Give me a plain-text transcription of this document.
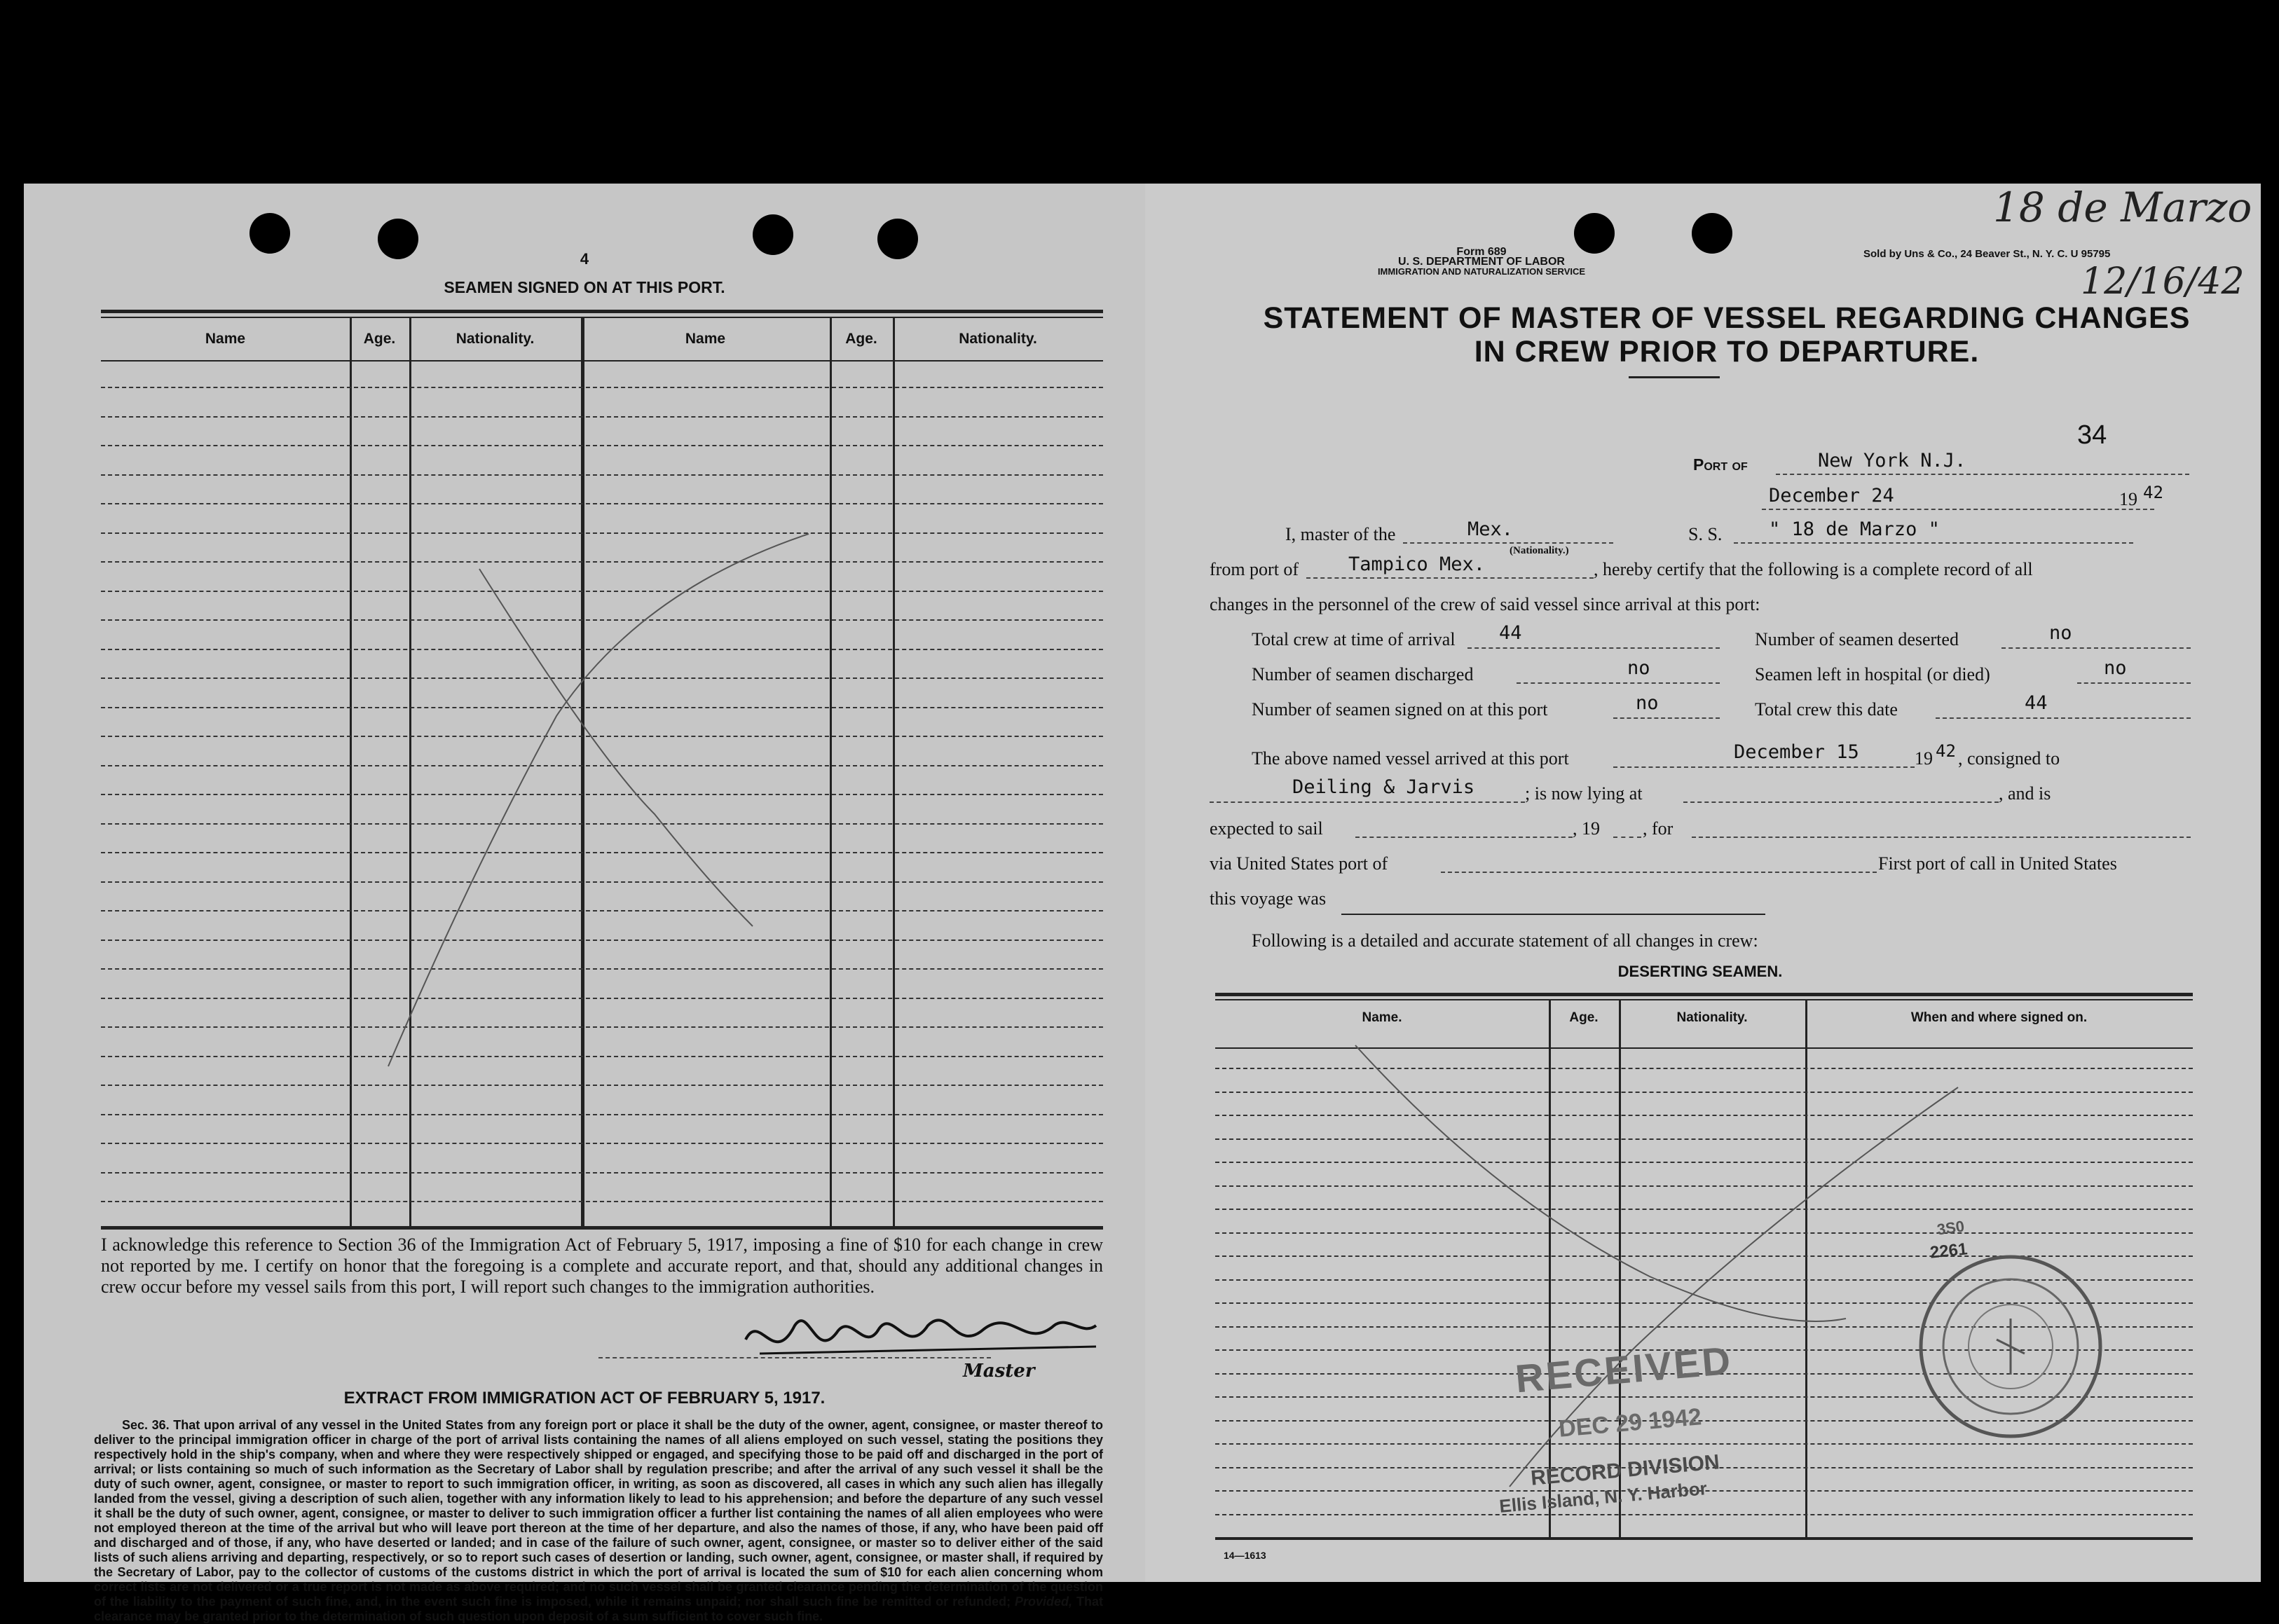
4
SEAMEN SIGNED ON AT THIS PORT.
Name	Age.	Nationality.	Name	Age.	Nationality.
I acknowledge this reference to Section 36 of the Immigration Act of February 5, 1917, imposing a fine of $10 for each change in crew not reported by me. I certify on honor that the foregoing is a complete and accurate report, and that, should any additional changes in crew occur before my vessel sails from this port, I will report such changes to the immigration authorities.
Master
EXTRACT FROM IMMIGRATION ACT OF FEBRUARY 5, 1917.
Sec. 36. That upon arrival of any vessel in the United States from any foreign port or place it shall be the duty of the owner, agent, consignee, or master thereof to deliver to the principal immigration officer in charge of the port of arrival lists containing the names of all aliens employed on such vessel, stating the positions they respectively hold in the ship's company, when and where they were respectively shipped or engaged, and specifying those to be paid off and discharged in the port of arrival; or lists containing so much of such information as the Secretary of Labor shall by regulation prescribe; and after the arrival of any such vessel it shall be the duty of such owner, agent, consignee, or master to report to such immigration officer, in writing, as soon as discovered, all cases in which any such alien has illegally landed from the vessel, giving a description of such alien, together with any information likely to lead to his apprehension; and before the departure of any such vessel it shall be the duty of such owner, agent, consignee, or master to deliver to such immigration officer a further list containing the names of all alien employees who were not employed thereon at the time of the arrival but who will leave port thereon at the time of her departure, and also the names of those, if any, who have been paid off and discharged and of those, if any, who have deserted or landed; and in case of the failure of such owner, agent, consignee, or master so to deliver either of the said lists of such aliens arriving and departing, respectively, or so to report such cases of desertion or landing, such owner, agent, consignee, or master shall, if required by the Secretary of Labor, pay to the collector of customs of the customs district in which the port of arrival is located the sum of $10 for each alien concerning whom correct lists are not delivered or a true report is not made as above required; and no such vessel shall be granted clearance pending the determination of the question of the liability to the payment of such fine, and, in the event such fine is imposed, while it remains unpaid; nor shall such fine be remitted or refunded; Provided, That clearance may be granted prior to the determination of such question upon deposit of a sum sufficient to cover such fine.
Form 689
U. S. DEPARTMENT OF LABOR
IMMIGRATION AND NATURALIZATION SERVICE
Sold by Uns & Co., 24 Beaver St., N. Y. C. U 95795
18 de Marzo
12/16/42
STATEMENT OF MASTER OF VESSEL REGARDING CHANGES
IN CREW PRIOR TO DEPARTURE.
34
Port of	New York N.J.
December 24	19 42
I, master of the	Mex.
(Nationality.)
S. S. " 18 de Marzo "
from port of	Tampico Mex.	, hereby certify that the following is a complete record of all
changes in the personnel of the crew of said vessel since arrival at this port:
Total crew at time of arrival 44	Number of seamen deserted	no
Number of seamen discharged	no	Seamen left in hospital (or died)	no
Number of seamen signed on at this port	no	Total crew this date	44
The above named vessel arrived at this port	December 15	19 42 , consigned to
Deiling & Jarvis	; is now lying at	, and is
expected to sail	, 19 , for
via United States port of	First port of call in United States
this voyage was
Following is a detailed and accurate statement of all changes in crew:
DESERTING SEAMEN.
Name.	Age.	Nationality.	When and where signed on.
3S0
2261
RECEIVED
DEC 29 1942
RECORD DIVISION
Ellis Island, N. Y. Harbor
14—1613
